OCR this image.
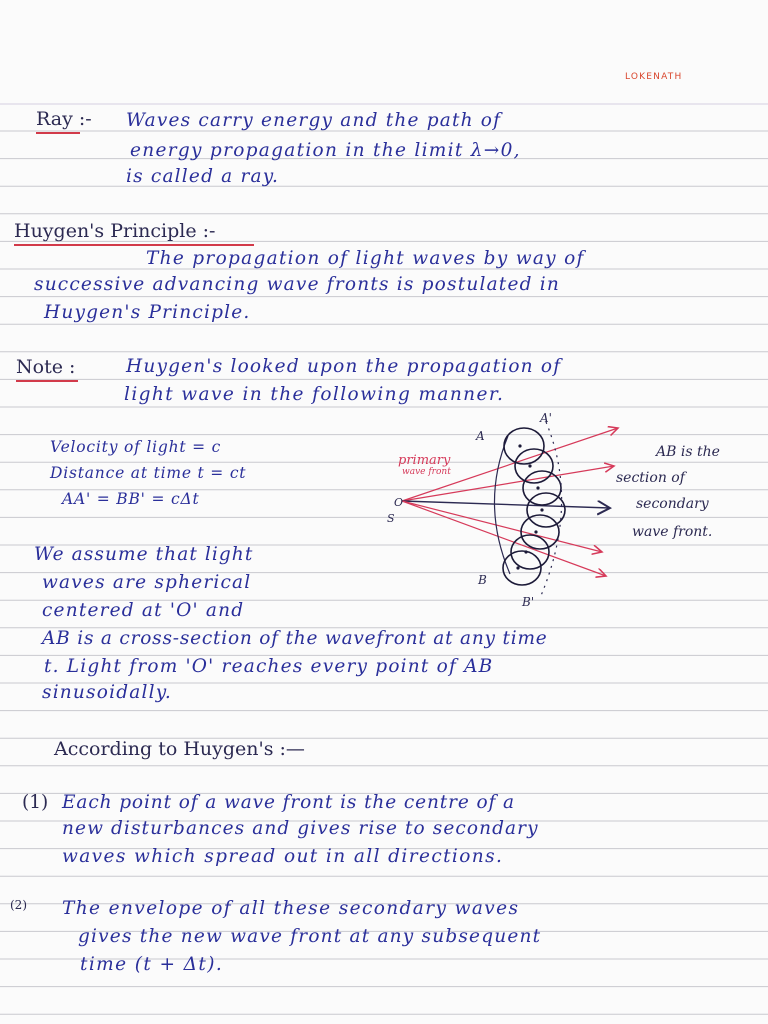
LOKENATH
Ray :- Waves carry energy and the path of
energy propagation in the limit λ→0,
is called a ray.
Huygen's Principle :-
The propagation of light waves by way of
successive advancing wave fronts is postulated in
Huygen's Principle.
Note :	Huygen's looked upon the propagation of
light wave in the following manner.
Velocity of light = c
Distance at time t = ct
AA' = BB' = cΔt
A
A'
B
B'
O
S
primary
wave front
AB is the
section of
secondary
wave front.
We assume that light
waves are spherical
centered at 'O' and
AB is a cross-section of the wavefront at any time
t. Light from 'O' reaches every point of AB
sinusoidally.
According to Huygen's :—
(1) Each point of a wave front is the centre of a
new disturbances and gives rise to secondary
waves which spread out in all directions.
(2) The envelope of all these secondary waves
gives the new wave front at any subsequent
time (t + Δt).
